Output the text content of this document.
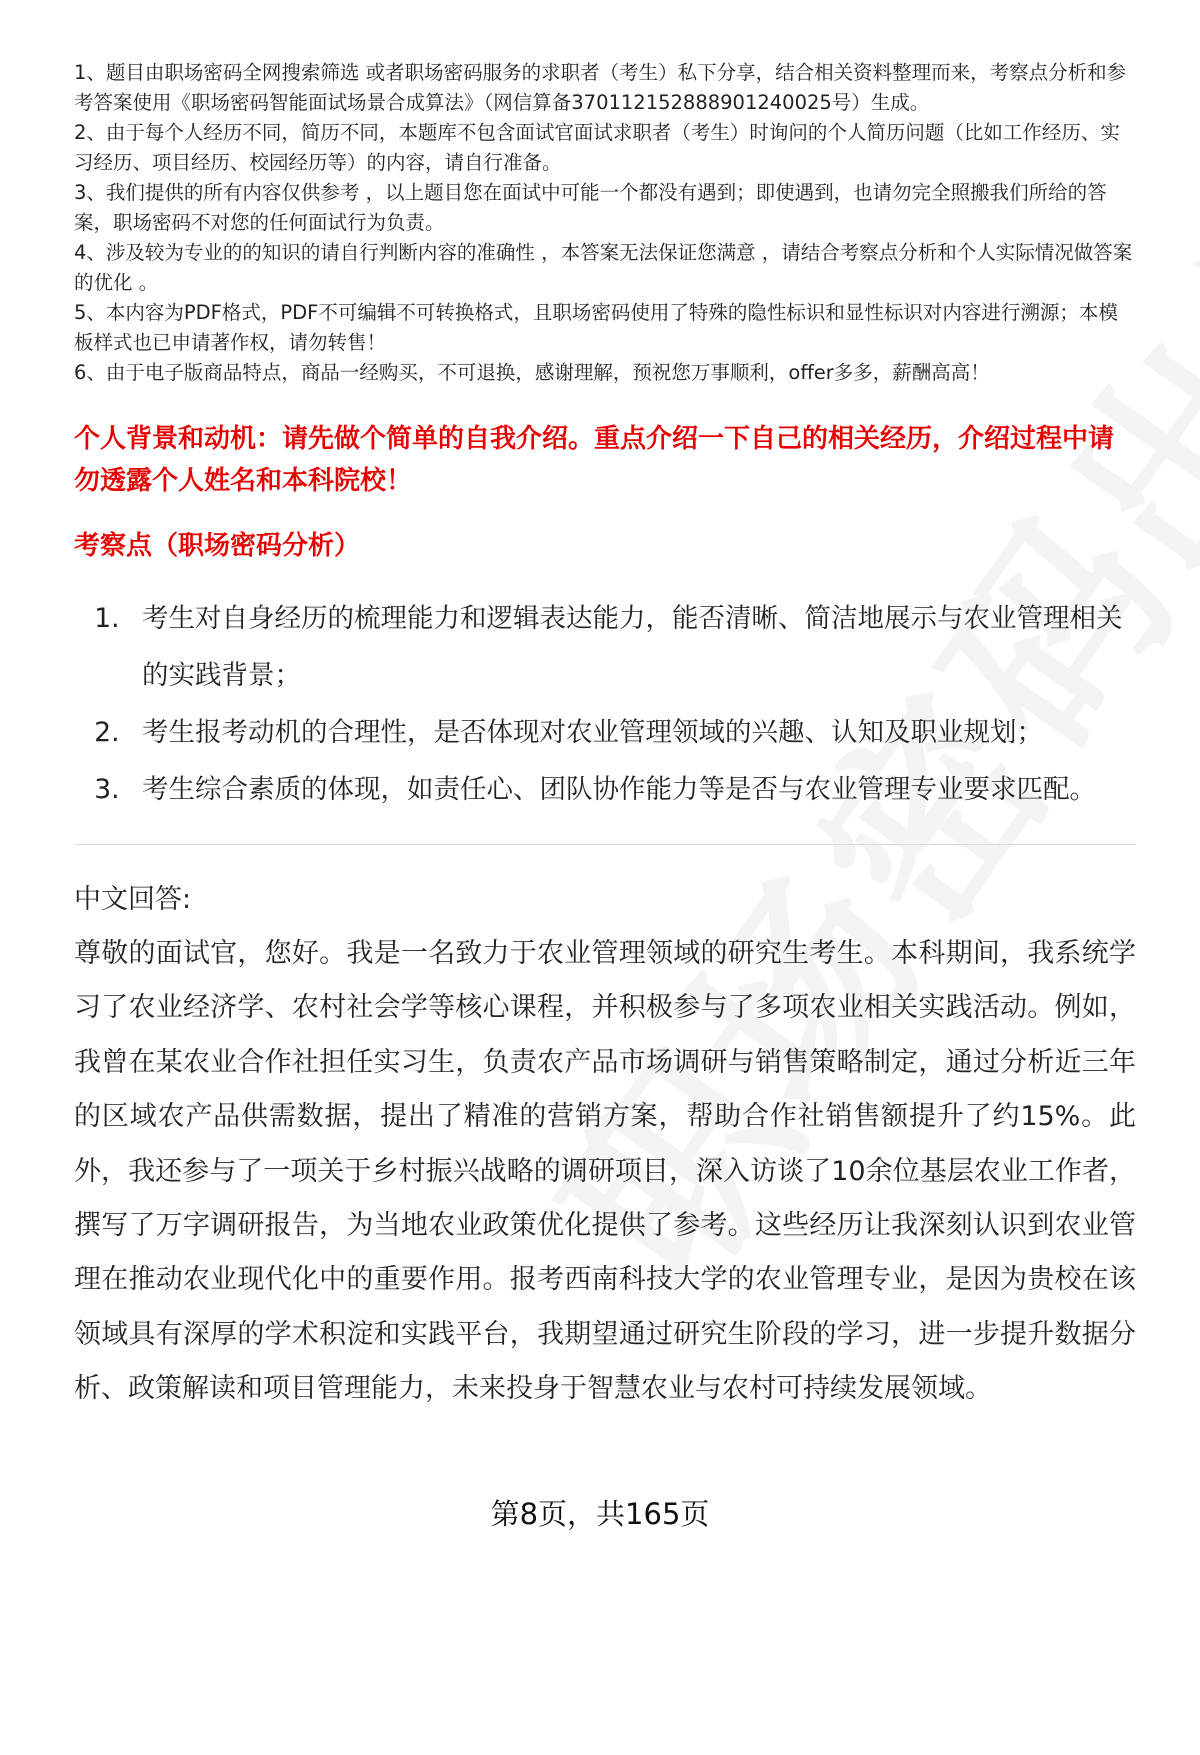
1、题目由职场密码全网搜索筛选 或者职场密码服务的求职者（考生）私下分享，结合相关资料整理而来，考察点分析和参考答案使用《职场密码智能面试场景合成算法》（网信算备370112152888901240025号）生成。

2、由于每个人经历不同，简历不同，本题库不包含面试官面试求职者（考生）时询问的个人简历问题（比如工作经历、实习经历、项目经历、校园经历等）的内容，请自行准备。

3、我们提供的所有内容仅供参考 ，以上题目您在面试中可能一个都没有遇到；即使遇到，也请勿完全照搬我们所给的答案，职场密码不对您的任何面试行为负责。

4、涉及较为专业的的知识的请自行判断内容的准确性 ，本答案无法保证您满意 ，请结合考察点分析和个人实际情况做答案的优化 。

5、本内容为PDF格式，PDF不可编辑不可转换格式，且职场密码使用了特殊的隐性标识和显性标识对内容进行溯源；本模板样式也已申请著作权，请勿转售！

6、由于电子版商品特点，商品一经购买，不可退换，感谢理解，预祝您万事顺利，offer多多，薪酬高高！

个人背景和动机：请先做个简单的自我介绍。重点介绍一下自己的相关经历，介绍过程中请勿透露个人姓名和本科院校！
考察点（职场密码分析）
1. 考生对自身经历的梳理能力和逻辑表达能力，能否清晰、简洁地展示与农业管理相关的实践背景；
2. 考生报考动机的合理性，是否体现对农业管理领域的兴趣、认知及职业规划；
3. 考生综合素质的体现，如责任心、团队协作能力等是否与农业管理专业要求匹配。
中文回答:

尊敬的面试官，您好。我是一名致力于农业管理领域的研究生考生。本科期间，我系统学习了农业经济学、农村社会学等核心课程，并积极参与了多项农业相关实践活动。例如，我曾在某农业合作社担任实习生，负责农产品市场调研与销售策略制定，通过分析近三年的区域农产品供需数据，提出了精准的营销方案，帮助合作社销售额提升了约15%。此外，我还参与了一项关于乡村振兴战略的调研项目，深入访谈了10余位基层农业工作者，撰写了万字调研报告，为当地农业政策优化提供了参考。这些经历让我深刻认识到农业管理在推动农业现代化中的重要作用。报考西南科技大学的农业管理专业，是因为贵校在该领域具有深厚的学术积淀和实践平台，我期望通过研究生阶段的学习，进一步提升数据分析、政策解读和项目管理能力，未来投身于智慧农业与农村可持续发展领域。

第8页，共165页
